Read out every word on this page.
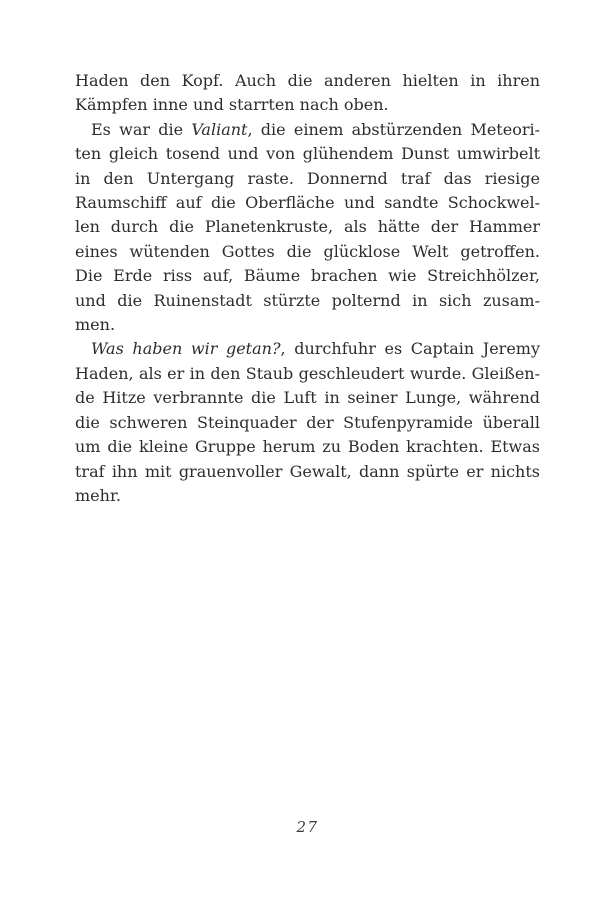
Haden den Kopf. Auch die anderen hielten in ihren
Kämpfen inne und starrten nach oben.
Es war die Valiant, die einem abstürzenden Meteori-
ten gleich tosend und von glühendem Dunst umwirbelt
in den Untergang raste. Donnernd traf das riesige
Raumschiff auf die Oberfläche und sandte Schockwel-
len durch die Planetenkruste, als hätte der Hammer
eines wütenden Gottes die glücklose Welt getroffen.
Die Erde riss auf, Bäume brachen wie Streichhölzer,
und die Ruinenstadt stürzte polternd in sich zusam-
men.
Was haben wir getan?, durchfuhr es Captain Jeremy
Haden, als er in den Staub geschleudert wurde. Gleißen-
de Hitze verbrannte die Luft in seiner Lunge, während
die schweren Steinquader der Stufenpyramide überall
um die kleine Gruppe herum zu Boden krachten. Etwas
traf ihn mit grauenvoller Gewalt, dann spürte er nichts
mehr.
27
